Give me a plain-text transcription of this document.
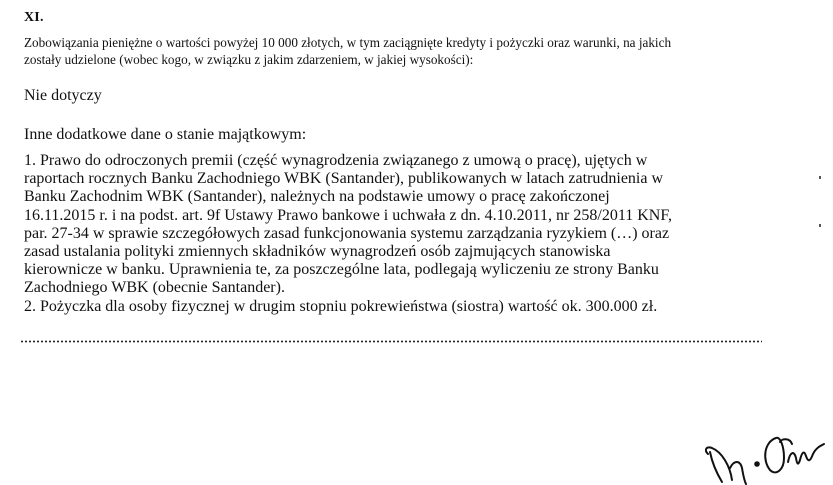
XI.
Zobowiązania pieniężne o wartości powyżej 10 000 złotych, w tym zaciągnięte kredyty i pożyczki oraz warunki, na jakich
zostały udzielone (wobec kogo, w związku z jakim zdarzeniem, w jakiej wysokości):
Nie dotyczy
Inne dodatkowe dane o stanie majątkowym:
1. Prawo do odroczonych premii (część wynagrodzenia związanego z umową o pracę), ujętych w
raportach rocznych Banku Zachodniego WBK (Santander), publikowanych w latach zatrudnienia w
Banku Zachodnim WBK (Santander), należnych na podstawie umowy o pracę zakończonej
16.11.2015 r. i na podst. art. 9f Ustawy Prawo bankowe i uchwała z dn. 4.10.2011, nr 258/2011 KNF,
par. 27-34 w sprawie szczegółowych zasad funkcjonowania systemu zarządzania ryzykiem (…) oraz
zasad ustalania polityki zmiennych składników wynagrodzeń osób zajmujących stanowiska
kierownicze w banku. Uprawnienia te, za poszczególne lata, podlegają wyliczeniu ze strony Banku
Zachodniego WBK (obecnie Santander).
2. Pożyczka dla osoby fizycznej w drugim stopniu pokrewieństwa (siostra) wartość ok. 300.000 zł.
